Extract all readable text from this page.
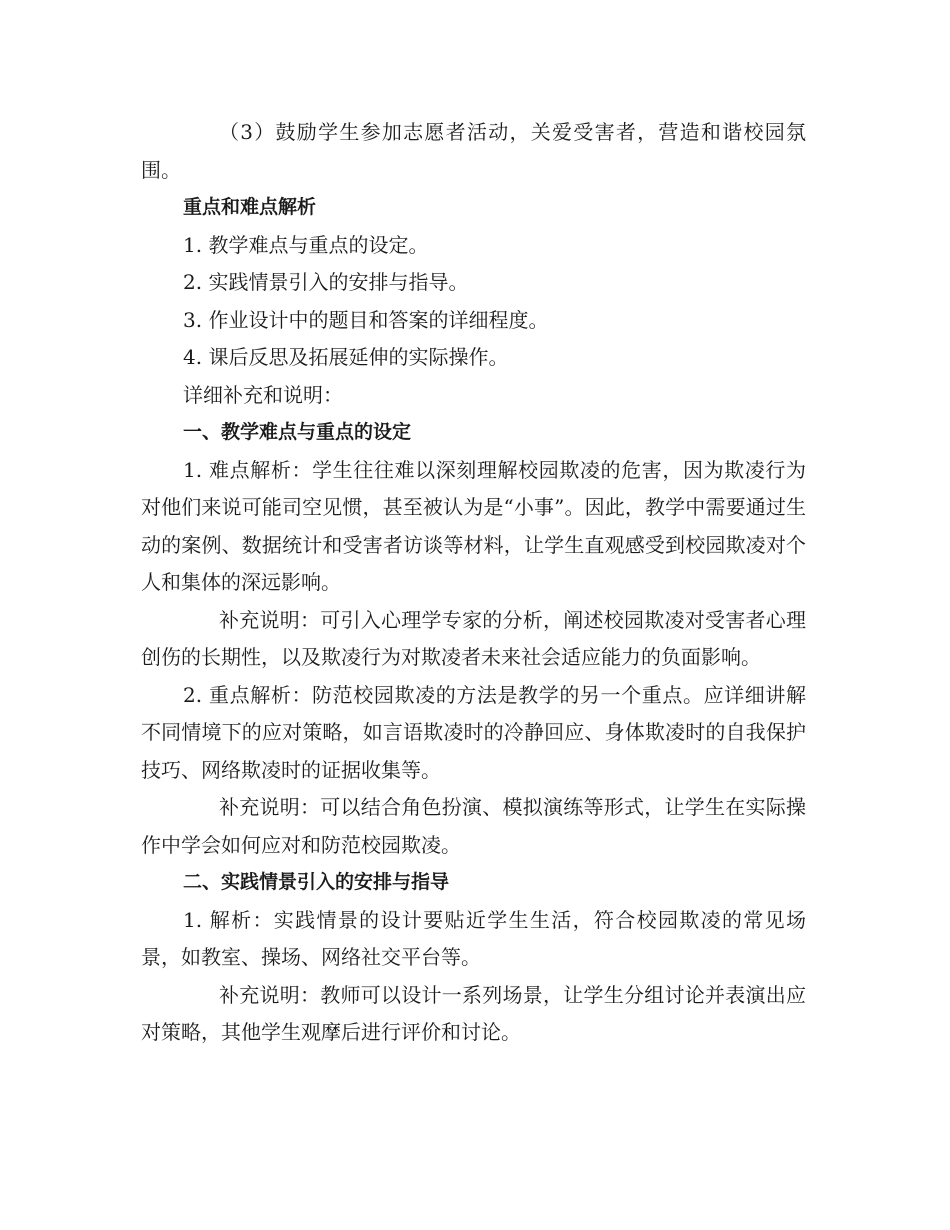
（3）鼓励学生参加志愿者活动，关爱受害者，营造和谐校园氛围。

重点和难点解析

1. 教学难点与重点的设定。

2. 实践情景引入的安排与指导。

3. 作业设计中的题目和答案的详细程度。

4. 课后反思及拓展延伸的实际操作。

详细补充和说明：

一、教学难点与重点的设定

1. 难点解析：学生往往难以深刻理解校园欺凌的危害，因为欺凌行为对他们来说可能司空见惯，甚至被认为是“小事”。因此，教学中需要通过生动的案例、数据统计和受害者访谈等材料，让学生直观感受到校园欺凌对个人和集体的深远影响。

补充说明：可引入心理学专家的分析，阐述校园欺凌对受害者心理创伤的长期性，以及欺凌行为对欺凌者未来社会适应能力的负面影响。

2. 重点解析：防范校园欺凌的方法是教学的另一个重点。应详细讲解不同情境下的应对策略，如言语欺凌时的冷静回应、身体欺凌时的自我保护技巧、网络欺凌时的证据收集等。

补充说明：可以结合角色扮演、模拟演练等形式，让学生在实际操作中学会如何应对和防范校园欺凌。

二、实践情景引入的安排与指导

1. 解析：实践情景的设计要贴近学生生活，符合校园欺凌的常见场景，如教室、操场、网络社交平台等。

补充说明：教师可以设计一系列场景，让学生分组讨论并表演出应对策略，其他学生观摩后进行评价和讨论。
